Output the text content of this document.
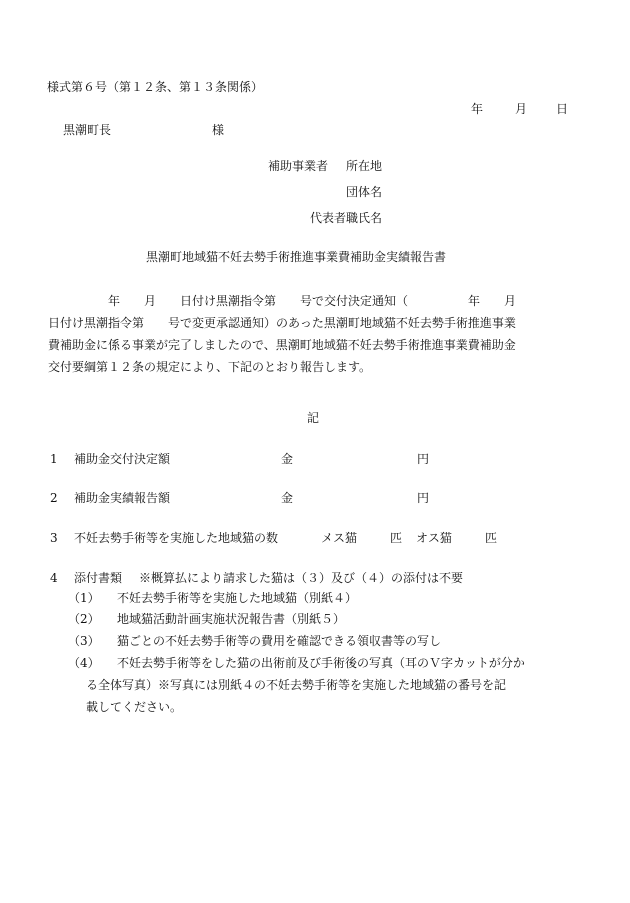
様式第６号（第１２条、第１３条関係）
年	月 日
黒潮町長	様
補助事業者 所在地
団体名
代表者職氏名
黒潮町地域猫不妊去勢手術推進事業費補助金実績報告書
　　　　　年　　月　　日付け黒潮指令第　　号で交付決定通知（　　　　　年　　月
日付け黒潮指令第　　号で変更承認通知）のあった黒潮町地域猫不妊去勢手術推進事業
費補助金に係る事業が完了しましたので、黒潮町地域猫不妊去勢手術推進事業費補助金
交付要綱第１２条の規定により、下記のとおり報告します。
記
1 補助金交付決定額	金	円
2 補助金実績報告額	金	円
3 不妊去勢手術等を実施した地域猫の数	メス猫	匹 オス猫	匹
4 添付書類 ※概算払により請求した猫は（３）及び（４）の添付は不要
（1） 不妊去勢手術等を実施した地域猫（別紙４）
（2） 地域猫活動計画実施状況報告書（別紙５）
（3） 猫ごとの不妊去勢手術等の費用を確認できる領収書等の写し
（4） 不妊去勢手術等をした猫の出術前及び手術後の写真（耳のＶ字カットが分か
る全体写真）※写真には別紙４の不妊去勢手術等を実施した地域猫の番号を記
載してください。
